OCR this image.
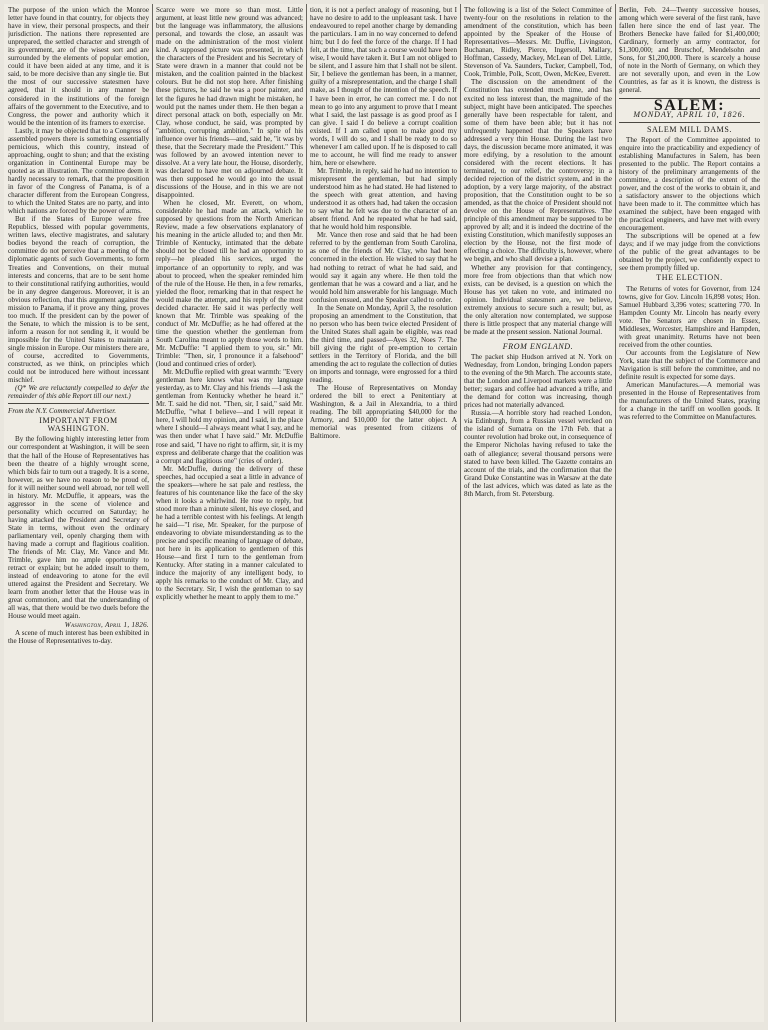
The purpose of the union which the Monroe letter have found in that country, for objects they have in view, their personal prospects, and their jurisdiction. The nations there represented are unprepared, the settled character and strength of its government, are of the wisest sort and are surrounded by the elements of popular emotion, could it have been aided at any time, and it is said, to be more decisive than any single tie. But the most of our successive statesmen have agreed, that it should in any manner be considered in the institutions of the foreign affairs of the government to the Executive, and to Congress, the power and authority which it would be the intention of its framers to exercise.

Lastly, it may be objected that to a Congress of assembled powers there is something essentially pernicious, which this country, instead of approaching, ought to shun; and that the existing organization in Continental Europe may be quoted as an illustration. The committee deem it hardly necessary to remark, that the proposition in favor of the Congress of Panama, is of a character different from the European Congress, to which the United States are no party, and into which nations are forced by the power of arms.

But if the States of Europe were free Republics, blessed with popular governments, written laws, elective magistrates, and salutary bodies beyond the reach of corruption, the committee do not perceive that a meeting of the diplomatic agents of such Governments, to form Treaties and Conventions, on their mutual interests and concerns, that are to be sent home to their constitutional ratifying authorities, would be in any degree dangerous. Moreover, it is an obvious reflection, that this argument against the mission to Panama, if it prove any thing, proves too much. If the president can by the power of the Senate, to which the mission is to be sent, inform a reason for not sending it, it would be impossible for the United States to maintain a single mission in Europe. Our ministers there are, of course, accredited to Governments, constructed, as we think, on principles which could not be introduced here without incessant mischief.

(Q* We are reluctantly compelled to defer the remainder of this able Report till our next.)

From the N.Y. Commercial Advertiser.
IMPORTANT FROM WASHINGTON.

By the following highly interesting letter from our correspondent at Washington, it will be seen that the hall of the House of Representatives has been the theatre of a highly wrought scene, which bids fair to turn out a tragedy. It is a scene, however, as we have no reason to be proud of, for it will neither sound well abroad, nor tell well in history. Mr. McDuffie, it appears, was the aggressor in the scene of violence and personality which occurred on Saturday; he having attacked the President and Secretary of State in terms, without even the ordinary parliamentary veil, openly charging them with having made a corrupt and flagitious coalition. The friends of Mr. Clay, Mr. Vance and Mr. Trimble, gave him no ample opportunity to retract or explain; but he added insult to them, instead of endeavoring to atone for the evil uttered against the President and Secretary. We learn from another letter that the House was in great commotion, and that the understanding of all was, that there would be two duels before the House would meet again.

Washington, April 1, 1826.

A scene of much interest has been exhibited in the House of Representatives to-day.

Scarce were we more so than most. Little argument, at least little new ground was advanced; but the language was inflammatory, the allusions personal, and towards the close, an assault was made on the administration of the most violent kind. A supposed picture was presented, in which the characters of the President and his Secretary of State were drawn in a manner that could not be mistaken, and the coalition painted in the blackest colours. But he did not stop here. After finishing these pictures, he said he was a poor painter, and let the figures he had drawn might be mistaken, he would put the names under them. He then began a direct personal attack on both, especially on Mr. Clay, whose conduct, he said, was prompted by "ambition, corrupting ambition." In spite of his influence over his friends—and, said he, "it was by these, that the Secretary made the President." This was followed by an avowed intention never to dissolve. At a very late hour, the House, disorderly, was declared to have met on adjourned debate. It was then supposed he would go into the usual discussions of the House, and in this we are not disappointed.

When he closed, Mr. Everett, on whom, considerable he had made an attack, which he supposed by questions from the North American Review, made a few observations explanatory of his meaning in the article alluded to; and then Mr. Trimble of Kentucky, intimated that the debate should not be closed till he had an opportunity to reply—he pleaded his services, urged the importance of an opportunity to reply, and was about to proceed, when the speaker reminded him of the rule of the House. He then, in a few remarks, yielded the floor, remarking that in that respect he would make the attempt, and his reply of the most decided character. He said it was perfectly well known that Mr. Trimble was speaking of the conduct of Mr. McDuffie; as he had offered at the time the question whether the gentleman from South Carolina meant to apply those words to him. Mr. McDuffie: "I applied them to you, sir." Mr. Trimble: "Then, sir, I pronounce it a falsehood" (loud and continued cries of order).

Mr. McDuffie replied with great warmth: "Every gentleman here knows what was my language yesterday, as to Mr. Clay and his friends —I ask the gentleman from Kentucky whether he heard it." Mr. T. said he did not. "Then, sir, I said," said Mr. McDuffie, "what I believe—and I will repeat it here, I will hold my opinion, and I said, in the place where I should—I always meant what I say, and he was then under what I have said." Mr. McDuffie rose and said, "I have no right to affirm, sir, it is my express and deliberate charge that the coalition was a corrupt and flagitious one" (cries of order).

Mr. McDuffie, during the delivery of these speeches, had occupied a seat a little in advance of the speakers—where he sat pale and restless, the features of his countenance like the face of the sky when it looks a whirlwind. He rose to reply, but stood more than a minute silent, his eye closed, and he had a terrible contest with his feelings. At length he said—"I rise, Mr. Speaker, for the purpose of endeavoring to obviate misunderstanding as to the precise and specific meaning of language of debate, not here in its application to gentlemen of this House—and first I turn to the gentleman from Kentucky. After stating in a manner calculated to induce the majority of any intelligent body, to apply his remarks to the conduct of Mr. Clay, and to the Secretary. Sir, I wish the gentleman to say explicitly whether he meant to apply them to me."

tion, it is not a perfect analogy of reasoning, but I have no desire to add to the unpleasant task. I have endeavoured to repel another charge by demanding the particulars. I am in no way concerned to defend him; but I do feel the force of the charge. If I had felt, at the time, that such a course would have been wise, I would have taken it. But I am not obliged to be silent, and I assure him that I shall not be silent. Sir, I believe the gentleman has been, in a manner, guilty of a misrepresentation, and the charge I shall make, as I thought of the intention of the speech. If I have been in error, he can correct me. I do not mean to go into any argument to prove that I meant what I said, the last passage is as good proof as I can give. I said I do believe a corrupt coalition existed. If I am called upon to make good my words, I will do so, and I shall be ready to do so whenever I am called upon. If he is disposed to call me to account, he will find me ready to answer him, here or elsewhere.

Mr. Trimble, in reply, said he had no intention to misrepresent the gentleman, but had simply understood him as he had stated. He had listened to the speech with great attention, and having understood it as others had, had taken the occasion to say what he felt was due to the character of an absent friend. And he repeated what he had said, that he would hold him responsible.

Mr. Vance then rose and said that he had been referred to by the gentleman from South Carolina, as one of the friends of Mr. Clay, who had been concerned in the election. He wished to say that he had nothing to retract of what he had said, and would say it again any where. He then told the gentleman that he was a coward and a liar, and he would hold him answerable for his language. Much confusion ensued, and the Speaker called to order.

In the Senate on Monday, April 3, the resolution proposing an amendment to the Constitution, that no person who has been twice elected President of the United States shall again be eligible, was read the third time, and passed—Ayes 32, Noes 7. The bill giving the right of pre-emption to certain settlers in the Territory of Florida, and the bill amending the act to regulate the collection of duties on imports and tonnage, were engrossed for a third reading.

The House of Representatives on Monday ordered the bill to erect a Penitentiary at Washington, & a Jail in Alexandria, to a third reading. The bill appropriating $40,000 for the Armory, and $10,000 for the latter object. A memorial was presented from citizens of Baltimore.

The following is a list of the Select Committee of twenty-four on the resolutions in relation to the amendment of the constitution, which has been appointed by the Speaker of the House of Representatives—Messrs. Mr. Duffie, Livingston, Buchanan, Ridley, Pierce, Ingersoll, Mallary, Hoffman, Cassedy, Mackey, McLean of Del. Little, Stevenson of Va. Saunders, Tucker, Campbell, Tod, Cook, Trimble, Polk, Scott, Owen, McKee, Everett.

The discussion on the amendment of the Constitution has extended much time, and has excited no less interest than, the magnitude of the subject, might have been anticipated. The speeches generally have been respectable for talent, and some of them have been able; but it has not unfrequently happened that the Speakers have addressed a very thin House. During the last two days, the discussion became more animated, it was more edifying, by a resolution to the amount considered with the recent elections. It has terminated, to our relief, the controversy; in a decided rejection of the district system, and in the adoption, by a very large majority, of the abstract proposition, that the Constitution ought to be so amended, as that the choice of President should not devolve on the House of Representatives. The principle of this amendment may be supposed to be approved by all; and it is indeed the doctrine of the existing Constitution, which manifestly supposes an election by the House, not the first mode of effecting a choice. The difficulty is, however, where we begin, and who shall devise a plan.

Whether any provision for that contingency, more free from objections than that which now exists, can be devised, is a question on which the House has yet taken no vote, and intimated no opinion. Individual statesmen are, we believe, extremely anxious to secure such a result; but, as the only alteration now contemplated, we suppose there is little prospect that any material change will be made at the present session. National Journal.

FROM ENGLAND.

The packet ship Hudson arrived at N. York on Wednesday, from London, bringing London papers to the evening of the 9th March. The accounts state, that the London and Liverpool markets were a little better; sugars and coffee had advanced a trifle, and the demand for cotton was increasing, though prices had not materially advanced.

Russia.—A horrible story had reached London, via Edinburgh, from a Russian vessel wrecked on the island of Sumatra on the 17th Feb. that a counter revolution had broke out, in consequence of the Emperor Nicholas having refused to take the oath of allegiance; several thousand persons were stated to have been killed. The Gazette contains an account of the trials, and the confirmation that the Grand Duke Constantine was in Warsaw at the date of the last advices, which was dated as late as the 8th March, from St. Petersburg.

Berlin, Feb. 24—Twenty successive houses, among which were several of the first rank, have fallen here since the end of last year. The Brothers Benecke have failed for $1,400,000; Cardinary, formerly an army contractor, for $1,300,000; and Brutschof, Mendelsohn and Sons, for $1,200,000. There is scarcely a house of note in the North of Germany, on which they are not severally upon, and even in the Low Countries, as far as it is known, the distress is general.

SALEM:
MONDAY, APRIL 10, 1826.
SALEM MILL DAMS.

The Report of the Committee appointed to enquire into the practicability and expediency of establishing Manufactures in Salem, has been presented to the public. The Report contains a history of the preliminary arrangements of the committee, a description of the extent of the power, and the cost of the works to obtain it, and a satisfactory answer to the objections which have been made to it. The committee which has examined the subject, have been engaged with the practical engineers, and have met with every encouragement.

The subscriptions will be opened at a few days; and if we may judge from the convictions of the public of the great advantages to be obtained by the project, we confidently expect to see them promptly filled up.

THE ELECTION.

The Returns of votes for Governor, from 124 towns, give for Gov. Lincoln 16,898 votes; Hon. Samuel Hubbard 3,396 votes; scattering 770. In Hampden County Mr. Lincoln has nearly every vote. The Senators are chosen in Essex, Middlesex, Worcester, Hampshire and Hampden, with great unanimity. Returns have not been received from the other counties.

Our accounts from the Legislature of New York, state that the subject of the Commerce and Navigation is still before the committee, and no definite result is expected for some days.

American Manufactures.—A memorial was presented in the House of Representatives from the manufacturers of the United States, praying for a change in the tariff on woollen goods. It was referred to the Committee on Manufactures.
